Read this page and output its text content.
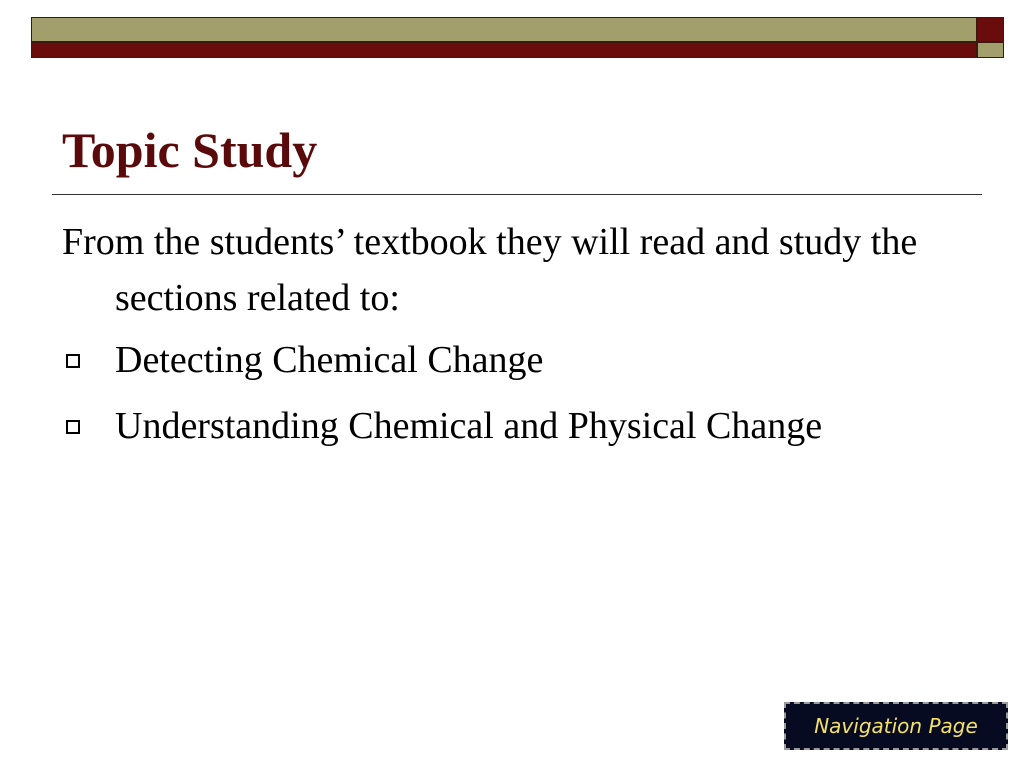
Topic Study

From the students’ textbook they will read and study the sections related to:

Detecting Chemical Change
Understanding Chemical and Physical Change
Navigation Page
